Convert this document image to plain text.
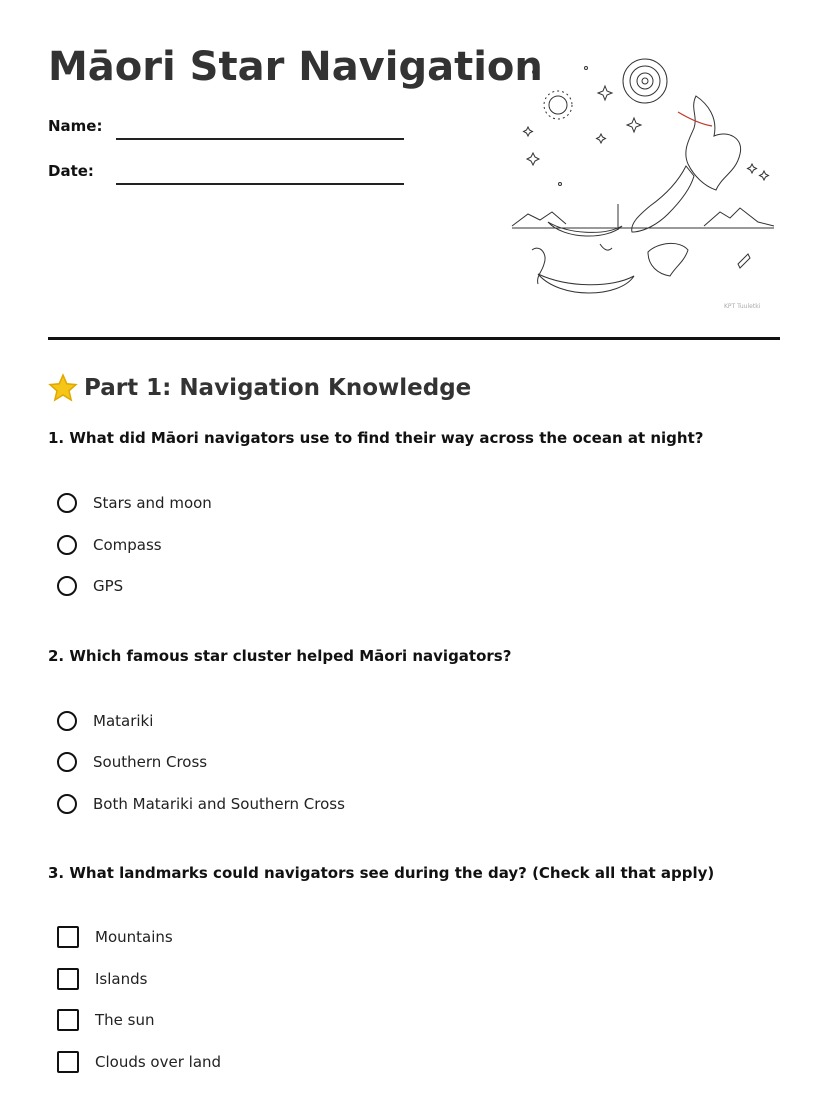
Māori Star Navigation
Name:
Date:
KPT Tuuletki
Part 1: Navigation Knowledge

1. What did Māori navigators use to find their way across the ocean at night?

Stars and moon
Compass
GPS

2. Which famous star cluster helped Māori navigators?

Matariki
Southern Cross
Both Matariki and Southern Cross

3. What landmarks could navigators see during the day? (Check all that apply)

Mountains
Islands
The sun
Clouds over land
